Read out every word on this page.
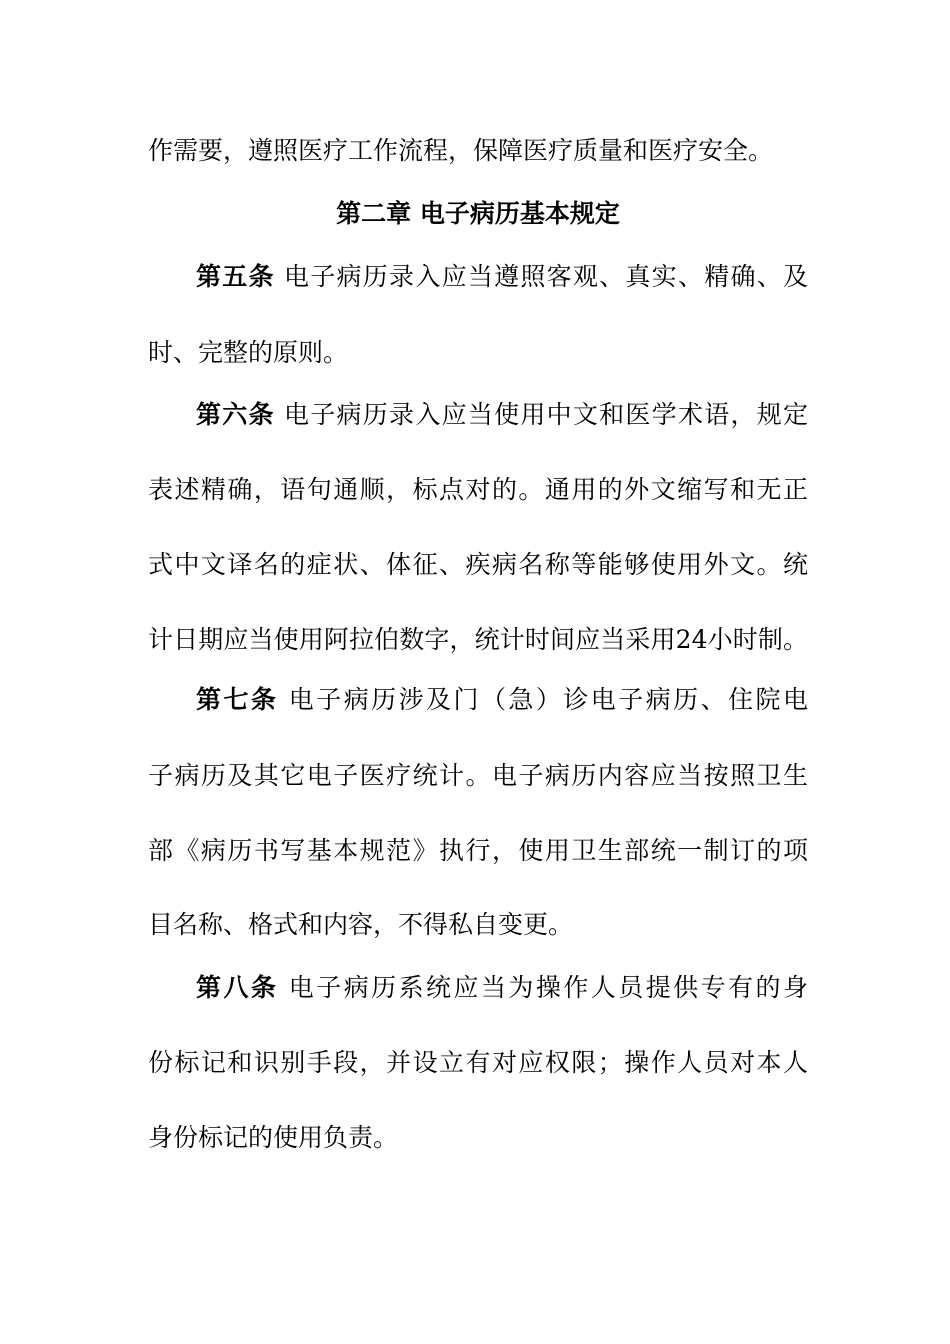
作需要，遵照医疗工作流程，保障医疗质量和医疗安全。
第二章 电子病历基本规定
第五条 电子病历录入应当遵照客观、真实、精确、及
时、完整的原则。
第六条 电子病历录入应当使用中文和医学术语，规定
表述精确，语句通顺，标点对的。通用的外文缩写和无正
式中文译名的症状、体征、疾病名称等能够使用外文。统
计日期应当使用阿拉伯数字，统计时间应当采用24小时制。
第七条 电子病历涉及门（急）诊电子病历、住院电
子病历及其它电子医疗统计。电子病历内容应当按照卫生
部《病历书写基本规范》执行，使用卫生部统一制订的项
目名称、格式和内容，不得私自变更。
第八条 电子病历系统应当为操作人员提供专有的身
份标记和识别手段，并设立有对应权限；操作人员对本人
身份标记的使用负责。
